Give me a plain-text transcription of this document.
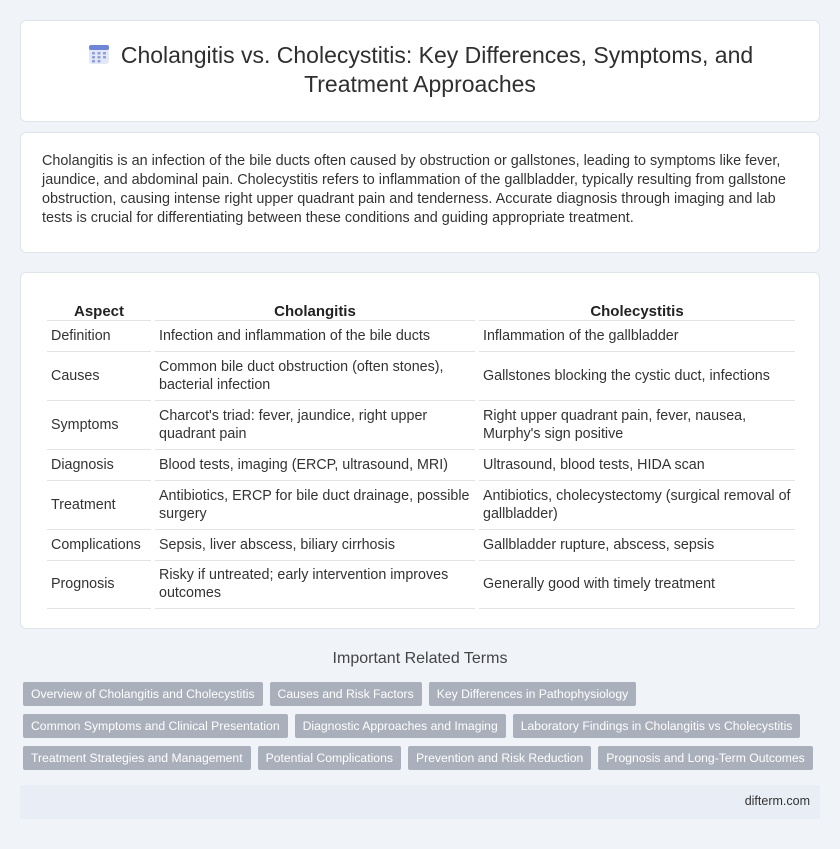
Cholangitis vs. Cholecystitis: Key Differences, Symptoms, and Treatment Approaches
Cholangitis is an infection of the bile ducts often caused by obstruction or gallstones, leading to symptoms like fever, jaundice, and abdominal pain. Cholecystitis refers to inflammation of the gallbladder, typically resulting from gallstone obstruction, causing intense right upper quadrant pain and tenderness. Accurate diagnosis through imaging and lab tests is crucial for differentiating between these conditions and guiding appropriate treatment.
Aspect	Cholangitis	Cholecystitis
Definition	Infection and inflammation of the bile ducts	Inflammation of the gallbladder
Causes	Common bile duct obstruction (often stones), bacterial infection	Gallstones blocking the cystic duct, infections
Symptoms	Charcot's triad: fever, jaundice, right upper quadrant pain	Right upper quadrant pain, fever, nausea, Murphy's sign positive
Diagnosis	Blood tests, imaging (ERCP, ultrasound, MRI)	Ultrasound, blood tests, HIDA scan
Treatment	Antibiotics, ERCP for bile duct drainage, possible surgery	Antibiotics, cholecystectomy (surgical removal of gallbladder)
Complications	Sepsis, liver abscess, biliary cirrhosis	Gallbladder rupture, abscess, sepsis
Prognosis	Risky if untreated; early intervention improves outcomes	Generally good with timely treatment
Important Related Terms
Overview of Cholangitis and Cholecystitis	Causes and Risk Factors	Key Differences in Pathophysiology
Common Symptoms and Clinical Presentation	Diagnostic Approaches and Imaging	Laboratory Findings in Cholangitis vs Cholecystitis
Treatment Strategies and Management	Potential Complications	Prevention and Risk Reduction	Prognosis and Long-Term Outcomes
difterm.com
